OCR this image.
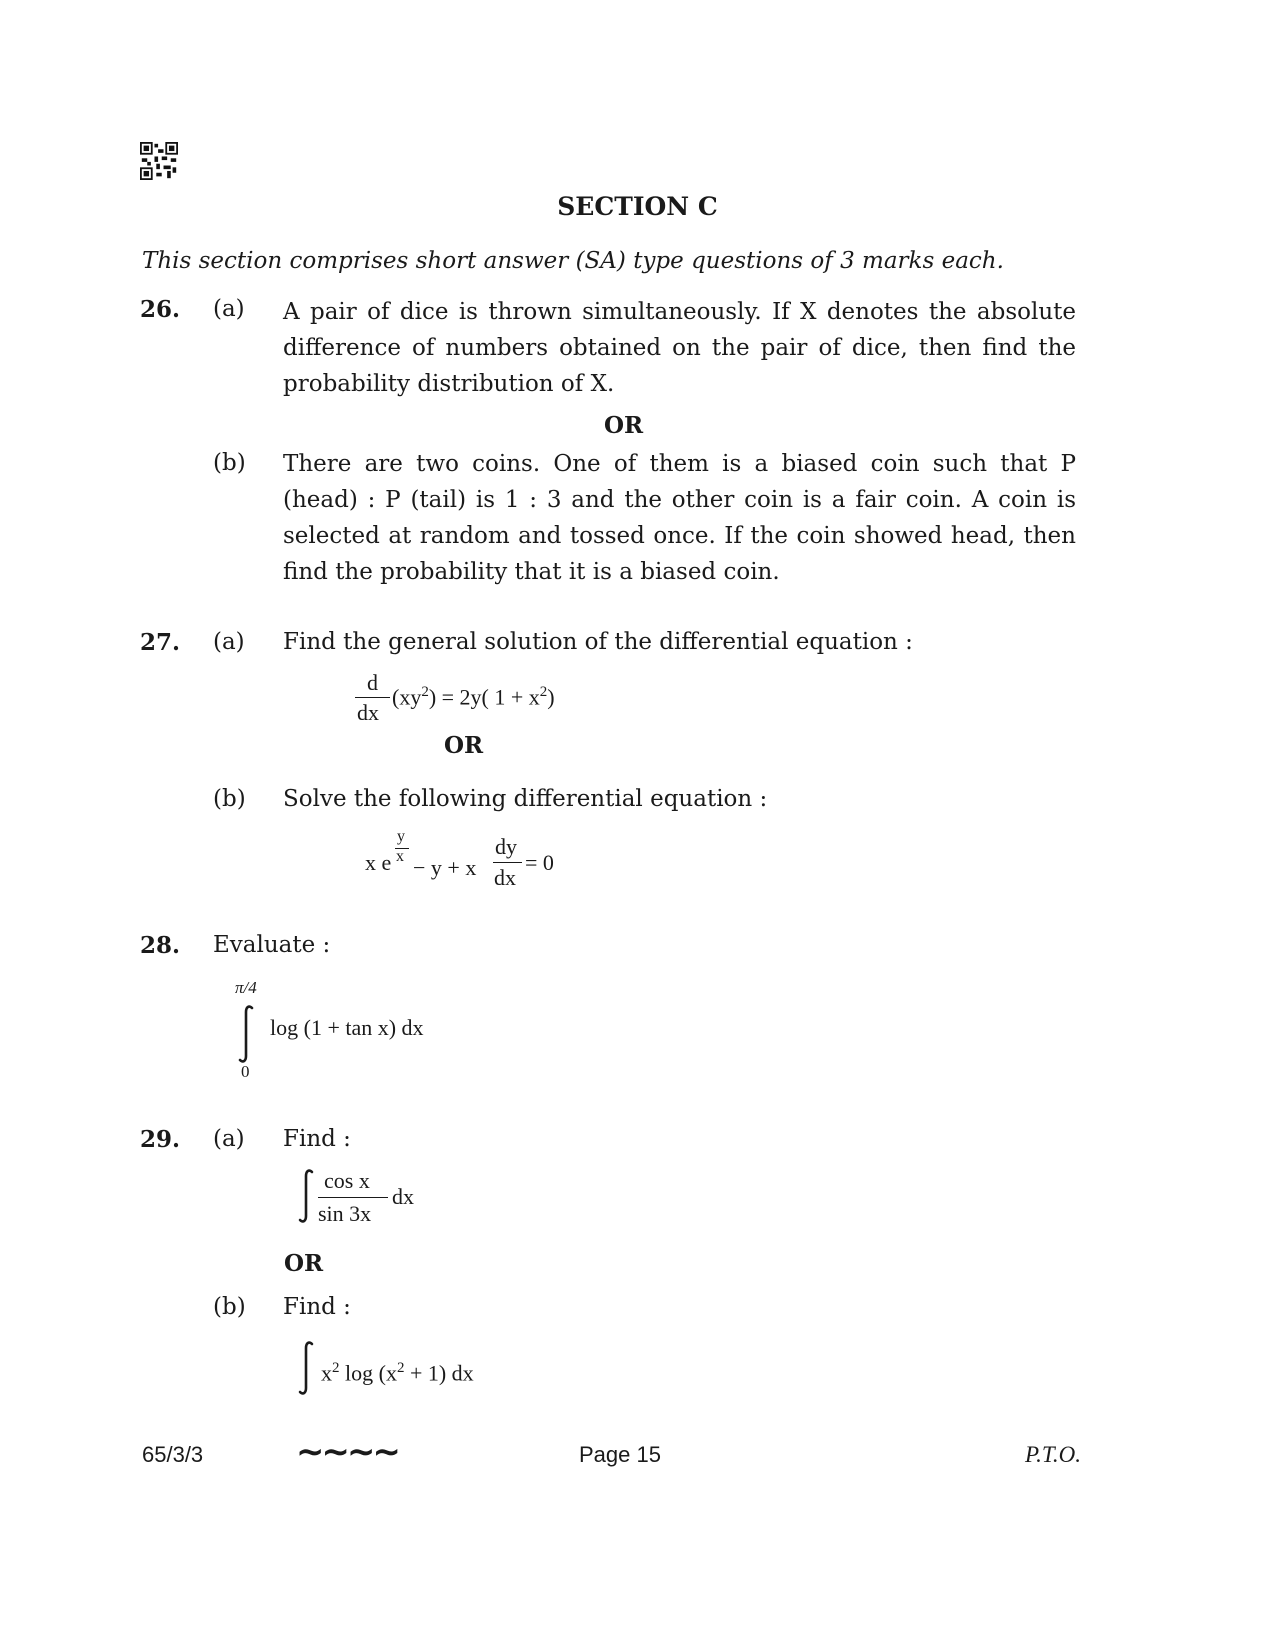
SECTION C
This section comprises short answer (SA) type questions of 3 marks each.
26. (a) A pair of dice is thrown simultaneously. If X denotes the absolute difference of numbers obtained on the pair of dice, then find the probability distribution of X.
OR
(b) There are two coins. One of them is a biased coin such that P (head) : P (tail) is 1 : 3 and the other coin is a fair coin. A coin is selected at random and tossed once. If the coin showed head, then find the probability that it is a biased coin.
27. (a) Find the general solution of the differential equation :
d
dx
$(xy^2) = 2y$( $1 + x^2$)
OR
(b) Solve the following differential equation :
x e
y
x − y + x
dy
dx
= 0
28. Evaluate :
π/4
0
log (1 + tan x) dx
29. (a) Find :
cos x
sin 3x
dx
OR
(b) Find :
$x^2$ $\log (x^2 + 1)$ dx
65/3/3	∼∼∼∼	Page 15	P.T.O.
